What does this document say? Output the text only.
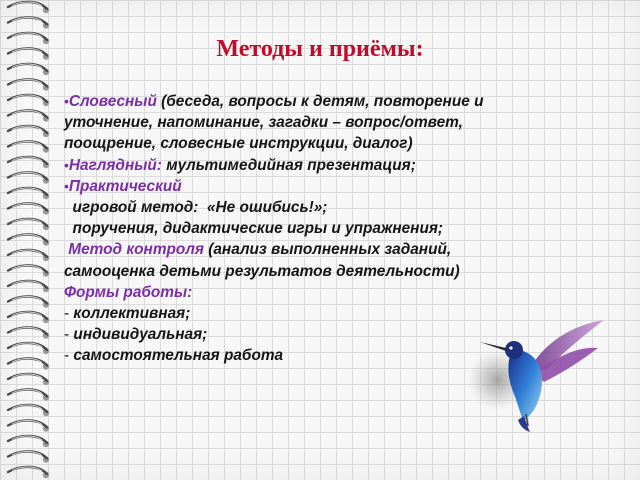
Методы и приёмы:
•Словесный (беседа, вопросы к детям, повторение и
уточнение, напоминание, загадки – вопрос/ответ,
поощрение, словесные инструкции, диалог)
•Наглядный: мультимедийная презентация;
•Практический
игровой метод:  «Не ошибись!»;
поручения, дидактические игры и упражнения;
Метод контроля (анализ выполненных заданий,
самооценка детьми результатов деятельности)
Формы работы:
- коллективная;
- индивидуальная;
- самостоятельная работа
